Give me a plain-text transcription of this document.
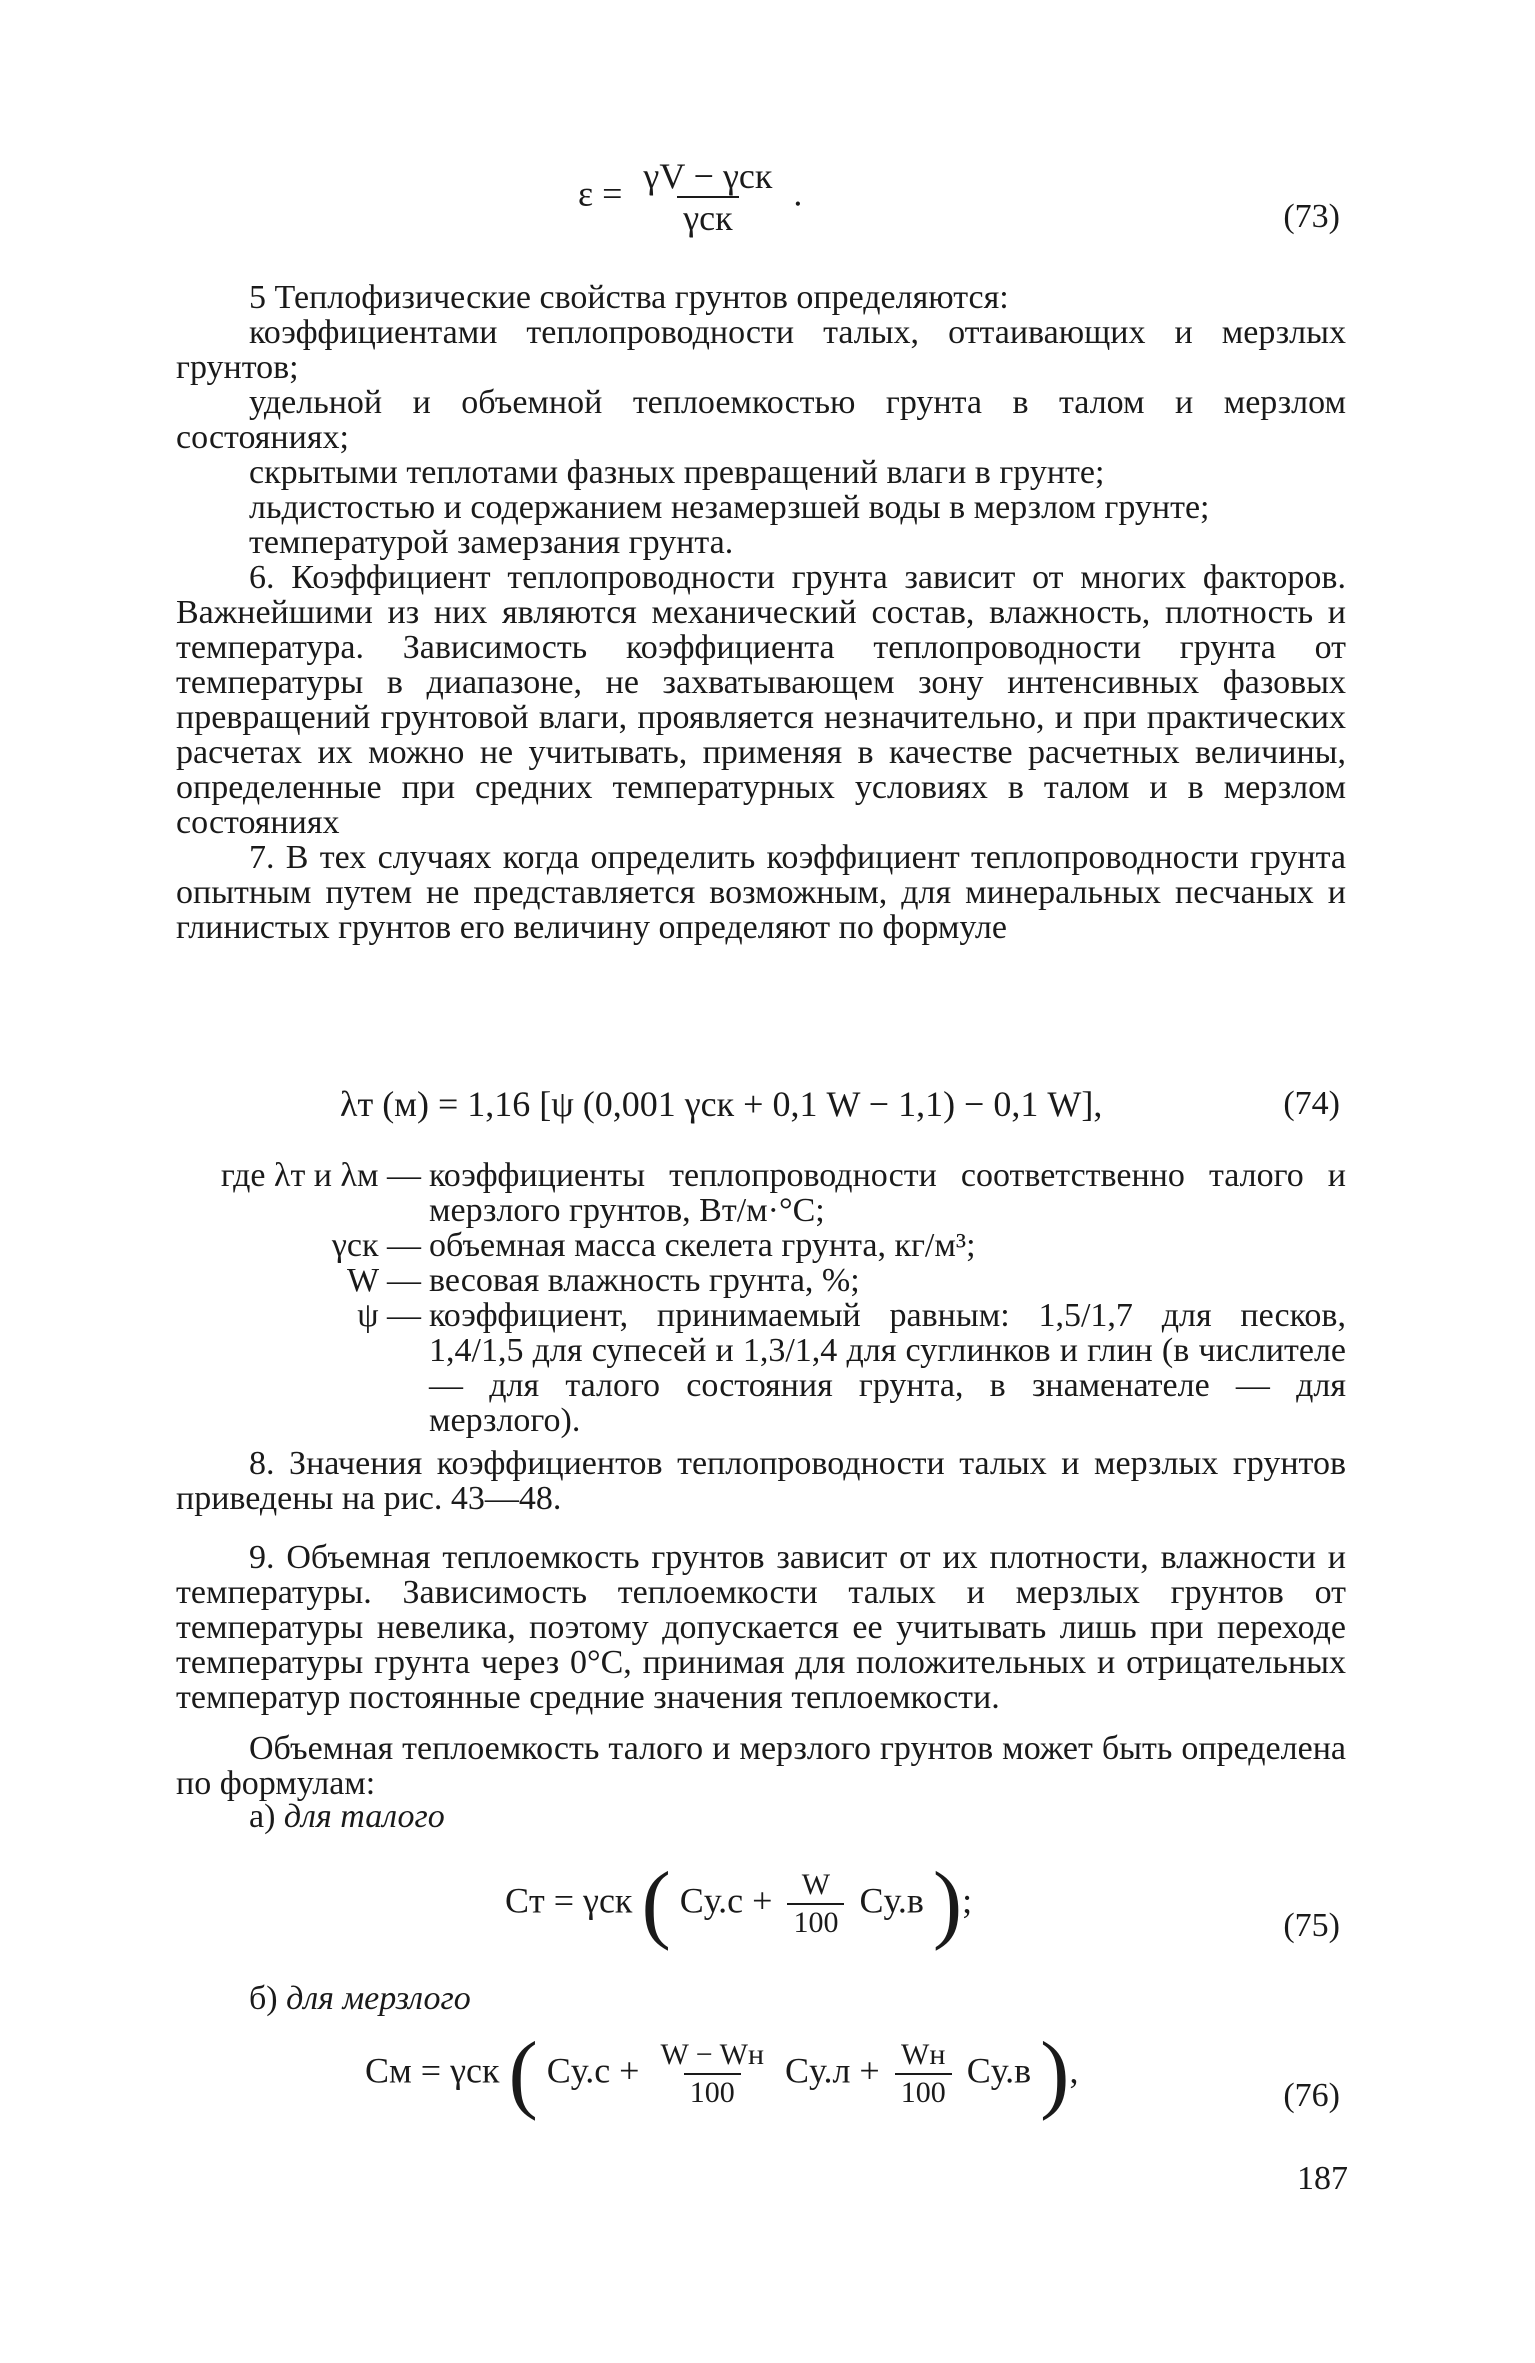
$\varepsilon = \frac{\text{γV − γск}}{\text{γск}}$ .
(73)

5 Теплофизические свойства грунтов определяются:

коэффициентами теплопроводности талых, оттаивающих и мерзлых грунтов;

удельной и объемной теплоемкостью грунта в талом и мерзлом состояниях;

скрытыми теплотами фазных превращений влаги в грунте;

льдистостью и содержанием незамерзшей воды в мерзлом грунте;

температурой замерзания грунта.

6. Коэффициент теплопроводности грунта зависит от многих факторов. Важнейшими из них являются механический состав, влажность, плотность и температура. Зависимость коэффициента теплопроводности грунта от температуры в диапазоне, не захватывающем зону интенсивных фазовых превращений грунтовой влаги, проявляется незначительно, и при практических расчетах их можно не учитывать, применяя в качестве расчетных величины, определенные при средних температурных условиях в талом и в мерзлом состояниях

7. В тех случаях когда определить коэффициент теплопроводности грунта опытным путем не представляется возможным, для минеральных песчаных и глинистых грунтов его величину определяют по формуле

λт (м) = 1,16 [ψ (0,001 γск + 0,1 W − 1,1) − 0,1 W],	(74)
где λт и λм — коэффициенты теплопроводности соответственно талого и мерзлого грунтов, Вт/м·°С;
γск — объемная масса скелета грунта, кг/м³;
W — весовая влажность грунта, %;
ψ — коэффициент, принимаемый равным: 1,5/1,7 для песков, 1,4/1,5 для супесей и 1,3/1,4 для суглинков и глин (в числителе — для талого состояния грунта, в знаменателе — для мерзлого).

8. Значения коэффициентов теплопроводности талых и мерзлых грунтов приведены на рис. 43—48.

9. Объемная теплоемкость грунтов зависит от их плотности, влажности и температуры. Зависимость теплоемкости талых и мерзлых грунтов от температуры невелика, поэтому допускается ее учитывать лишь при переходе температуры грунта через 0°С, принимая для положительных и отрицательных температур постоянные средние значения теплоемкости.

Объемная теплоемкость талого и мерзлого грунтов может быть определена по формулам:

а) для талого
Cт = γск ( $Cу.с + \frac{W}{100} Cу.в$ );
(75)
б) для мерзлого
Cм = γск ( $Cу.с + \frac{W - Wн}{100} Cу.л + \frac{Wн}{100} Cу.в$ ),
(76)
187
